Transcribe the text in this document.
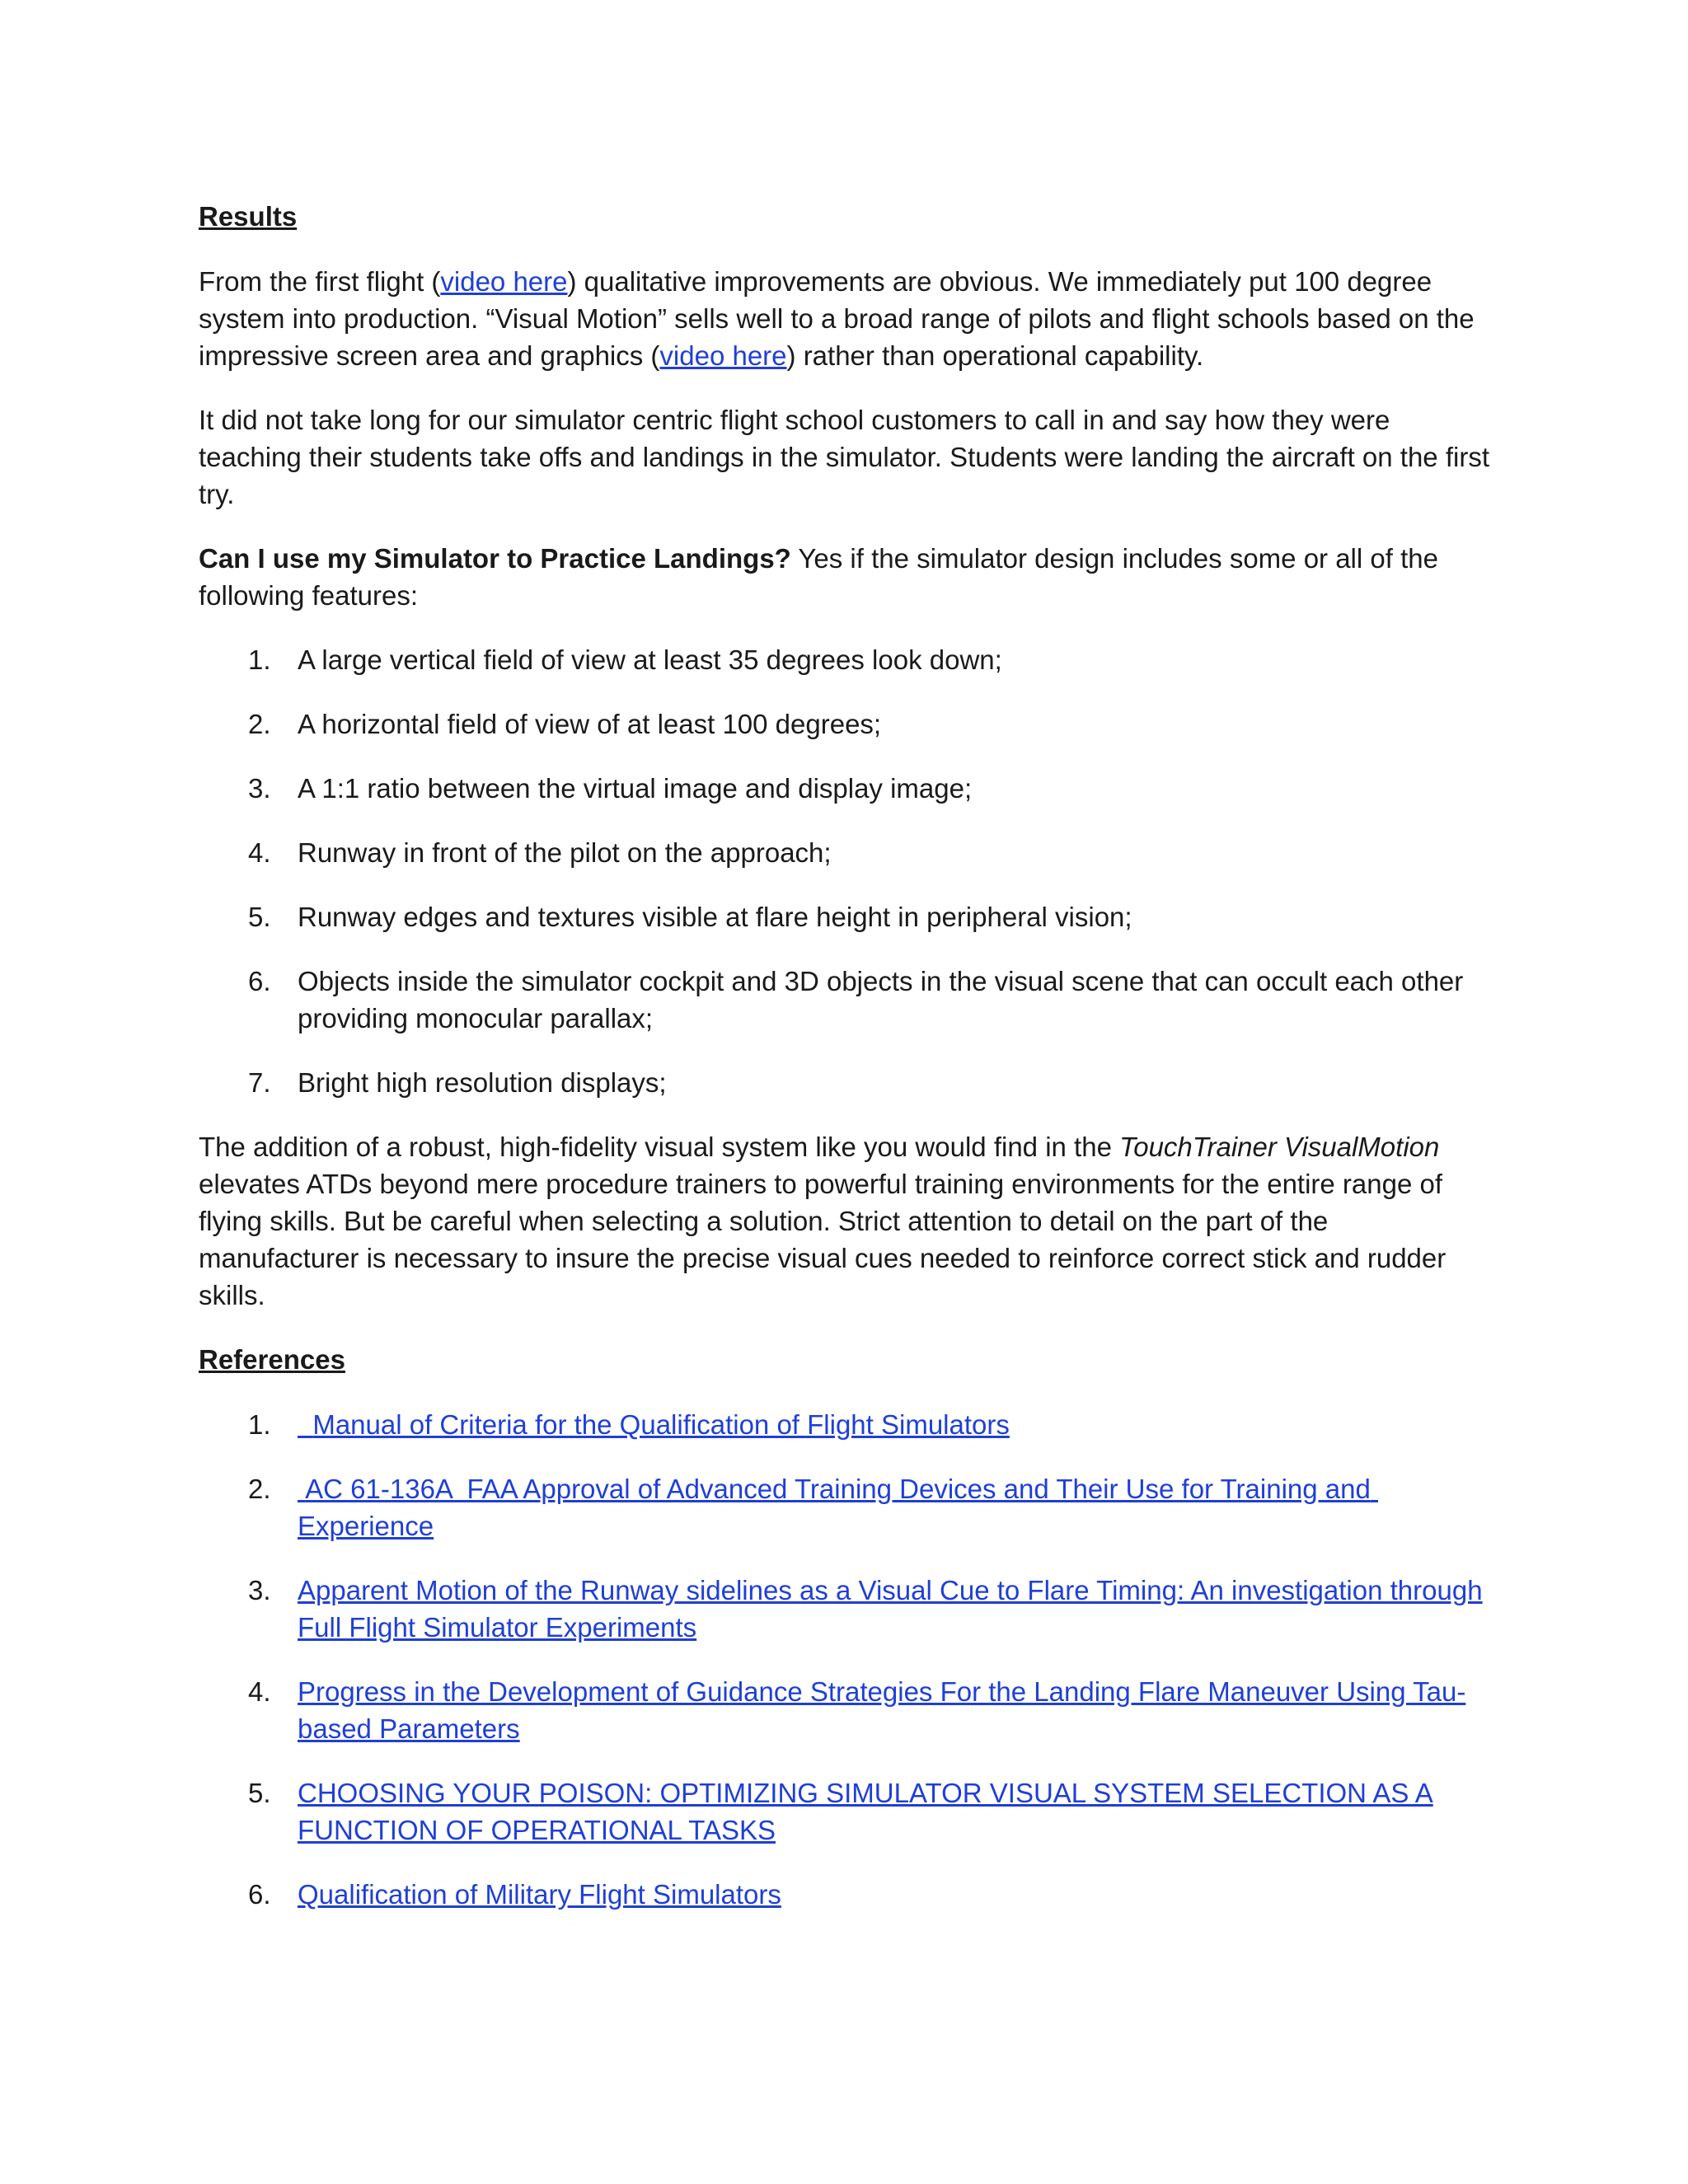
Results

From the first flight (video here) qualitative improvements are obvious. We immediately put 100 degree system into production. “Visual Motion” sells well to a broad range of pilots and flight schools based on the impressive screen area and graphics (video here) rather than operational capability.

It did not take long for our simulator centric flight school customers to call in and say how they were teaching their students take offs and landings in the simulator. Students were landing the aircraft on the first try.

Can I use my Simulator to Practice Landings? Yes if the simulator design includes some or all of the following features:

1. A large vertical field of view at least 35 degrees look down;
2. A horizontal field of view of at least 100 degrees;
3. A 1:1 ratio between the virtual image and display image;
4. Runway in front of the pilot on the approach;
5. Runway edges and textures visible at flare height in peripheral vision;
6. Objects inside the simulator cockpit and 3D objects in the visual scene that can occult each other providing monocular parallax;
7. Bright high resolution displays;

The addition of a robust, high-fidelity visual system like you would find in the TouchTrainer VisualMotion elevates ATDs beyond mere procedure trainers to powerful training environments for the entire range of flying skills. But be careful when selecting a solution. Strict attention to detail on the part of the manufacturer is necessary to insure the precise visual cues needed to reinforce correct stick and rudder skills.

References
1. Manual of Criteria for the Qualification of Flight Simulators
2. AC 61-136A  FAA Approval of Advanced Training Devices and Their Use for Training and Experience
3. Apparent Motion of the Runway sidelines as a Visual Cue to Flare Timing: An investigation through Full Flight Simulator Experiments
4. Progress in the Development of Guidance Strategies For the Landing Flare Maneuver Using Tau-based Parameters
5. CHOOSING YOUR POISON: OPTIMIZING SIMULATOR VISUAL SYSTEM SELECTION AS A FUNCTION OF OPERATIONAL TASKS
6. Qualification of Military Flight Simulators
